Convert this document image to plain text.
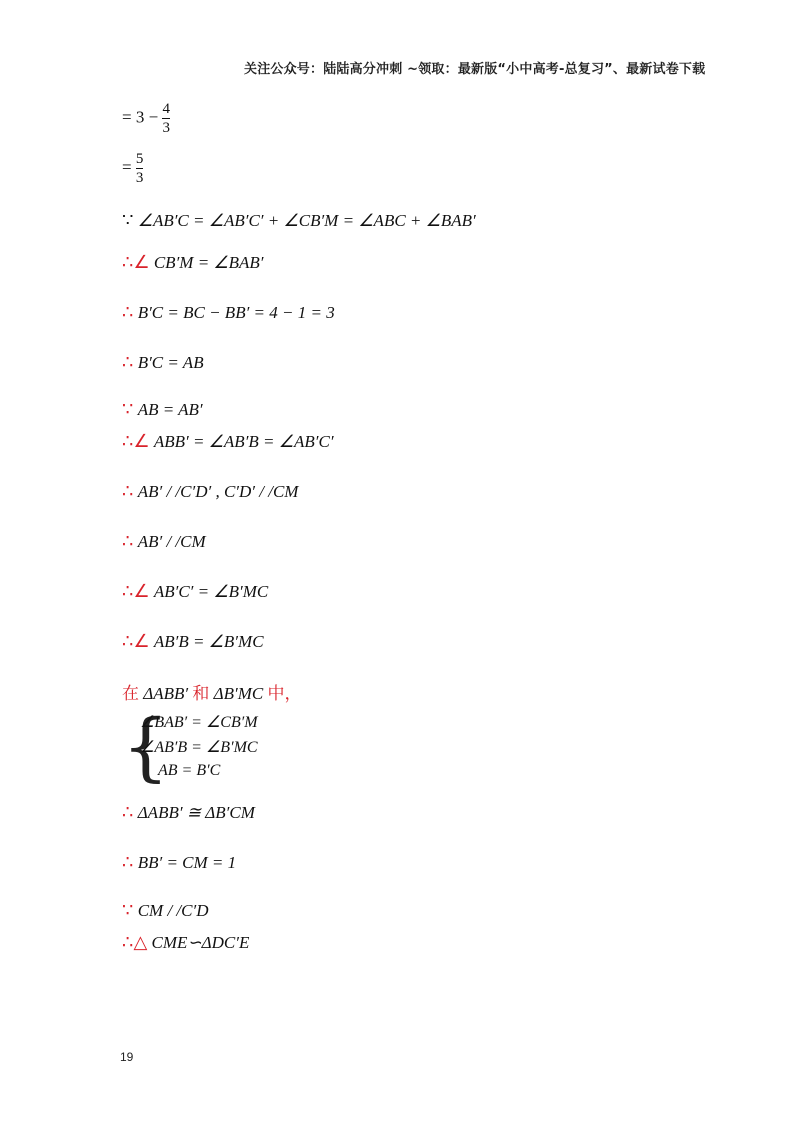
关注公众号：陆陆高分冲刺 ~领取：最新版“小中高考-总复习”、最新试卷下载
= $3 - \frac{4}{3}$
= $\frac{5}{3}$
∵ ∠AB′C = ∠AB′C′ + ∠CB′M = ∠ABC + ∠BAB′
∴∠ CB′M = ∠BAB′
∴ B′C = BC − BB′ = 4 − 1 = 3
∴ B′C = AB
∵ AB = AB′
∴∠ ABB′ = ∠AB′B = ∠AB′C′
∴ AB′ / /C′D′ , C′D′ / /CM
∴ AB′ / /CM
∴∠ AB′C′ = ∠B′MC
∴∠ AB′B = ∠B′MC
在 ΔABB′ 和 ΔB′MC 中，
{
∠BAB′ = ∠CB′M
∠AB′B = ∠B′MC
AB = B′C
∴ ΔABB′ ≅ ΔB′CM
∴ BB′ = CM = 1
∵ CM / /C′D
∴△ CME∽ΔDC′E
19
